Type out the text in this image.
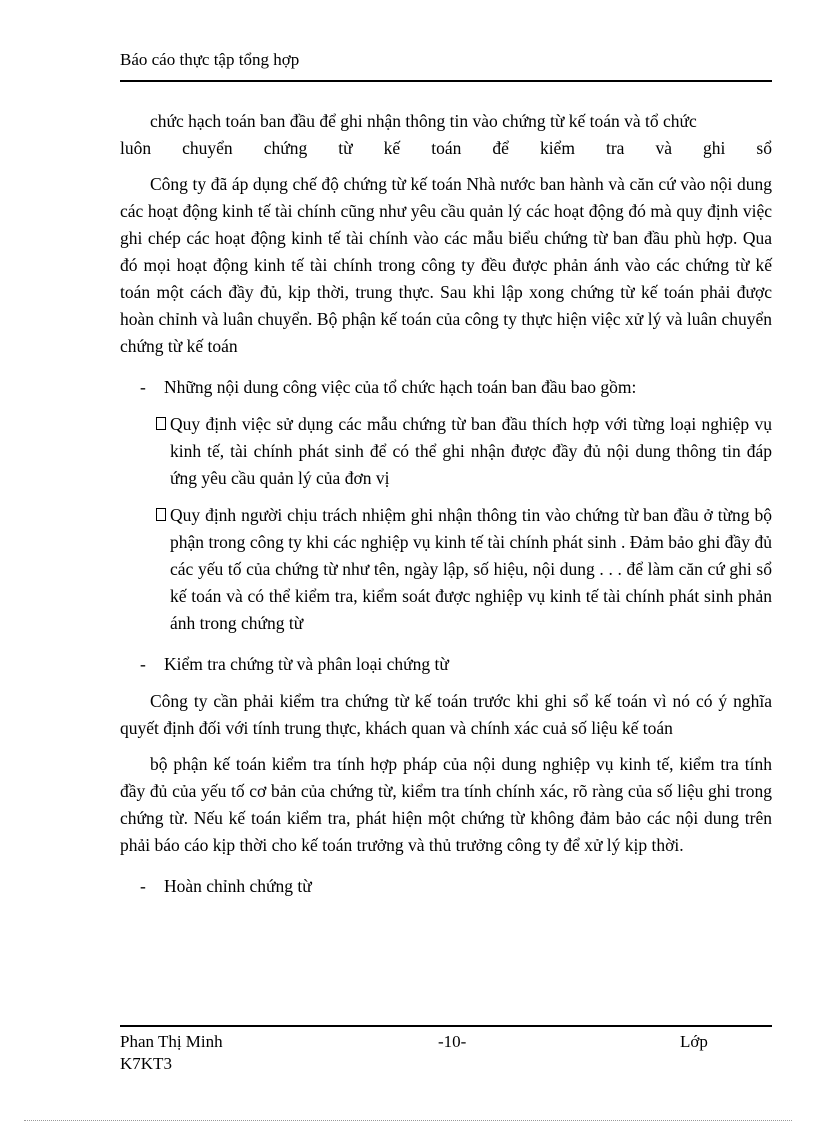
Báo cáo thực tập tổng hợp

chức hạch toán ban đầu để ghi nhận thông tin vào chứng từ kế toán và tổ chức

luôn chuyển chứng từ kế toán để kiểm tra và ghi sổ

Công ty đã áp dụng chế độ chứng từ kế toán Nhà nước ban hành và căn cứ vào nội dung các hoạt động kinh tế tài chính cũng như yêu cầu quản lý các hoạt động đó mà quy định việc ghi chép các hoạt động kinh tế tài chính vào các mẫu biểu chứng từ ban đầu phù hợp. Qua đó mọi hoạt động kinh tế tài chính trong công ty đều được phản ánh vào các chứng từ kế toán một cách đầy đủ, kịp thời, trung thực. Sau khi lập xong chứng từ kế toán phải được hoàn chỉnh và luân chuyển. Bộ phận kế toán của công ty thực hiện việc xử lý và luân chuyển chứng từ kế toán

- Những nội dung công việc của tổ chức hạch toán ban đầu bao gồm:
Quy định việc sử dụng các mẫu chứng từ ban đầu thích hợp với từng loại nghiệp vụ kinh tế, tài chính phát sinh để có thể ghi nhận được đầy đủ nội dung thông tin đáp ứng yêu cầu quản lý của đơn vị
Quy định người chịu trách nhiệm ghi nhận thông tin vào chứng từ ban đầu ở từng bộ phận trong công ty khi các nghiệp vụ kinh tế tài chính phát sinh . Đảm bảo ghi đầy đủ các yếu tố của chứng từ như tên, ngày lập, số hiệu, nội dung . . . để làm căn cứ ghi sổ kế toán và có thể kiểm tra, kiểm soát được nghiệp vụ kinh tế tài chính phát sinh phản ánh trong chứng từ
- Kiểm tra chứng từ và phân loại chứng từ

Công ty cần phải kiểm tra chứng từ kế toán trước khi ghi sổ kế toán vì nó có ý nghĩa quyết định đối với tính trung thực, khách quan và chính xác cuả số liệu kế toán

bộ phận kế toán kiểm tra tính hợp pháp của nội dung nghiệp vụ kinh tế, kiểm tra tính đầy đủ của yếu tố cơ bản của chứng từ, kiểm tra tính chính xác, rõ ràng của số liệu ghi trong chứng từ. Nếu kế toán kiểm tra, phát hiện một chứng từ không đảm bảo các nội dung trên phải báo cáo kịp thời cho kế toán trưởng và thủ trưởng công ty để xử lý kịp thời.

- Hoàn chỉnh chứng từ
Phan Thị Minh	-10-	Lớp
K7KT3
